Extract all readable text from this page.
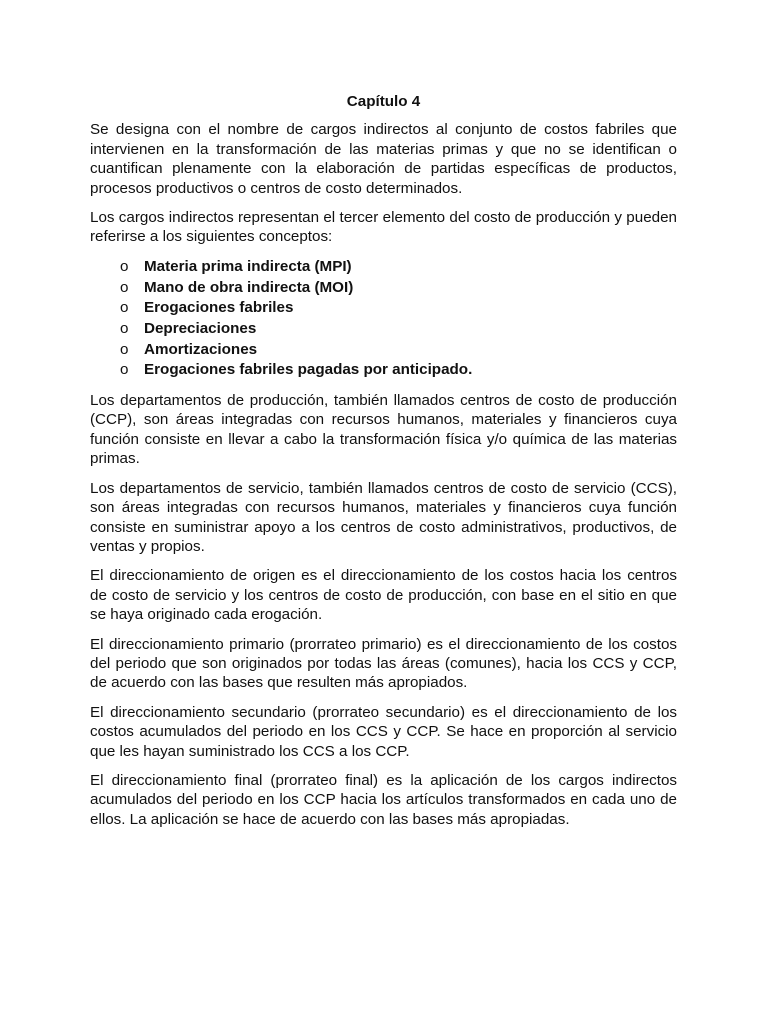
Capítulo 4

Se designa con el nombre de cargos indirectos al conjunto de costos fabriles que intervienen en la transformación de las materias primas y que no se identifican o cuantifican plenamente con la elaboración de partidas específicas de productos, procesos productivos o centros de costo determinados.

Los cargos indirectos representan el tercer elemento del costo de producción y pueden referirse a los siguientes conceptos:

o Materia prima indirecta (MPI)
o Mano de obra indirecta (MOI)
o Erogaciones fabriles
o Depreciaciones
o Amortizaciones
o Erogaciones fabriles pagadas por anticipado.

Los departamentos de producción, también llamados centros de costo de producción (CCP), son áreas integradas con recursos humanos, materiales y financieros cuya función consiste en llevar a cabo la transformación física y/o química de las materias primas.

Los departamentos de servicio, también llamados centros de costo de servicio (CCS), son áreas integradas con recursos humanos, materiales y financieros cuya función consiste en suministrar apoyo a los centros de costo administrativos, productivos, de ventas y propios.

El direccionamiento de origen es el direccionamiento de los costos hacia los centros de costo de servicio y los centros de costo de producción, con base en el sitio en que se haya originado cada erogación.

El direccionamiento primario (prorrateo primario) es el direccionamiento de los costos del periodo que son originados por todas las áreas (comunes), hacia los CCS y CCP, de acuerdo con las bases que resulten más apropiados.

El direccionamiento secundario (prorrateo secundario) es el direccionamiento de los costos acumulados del periodo en los CCS y CCP. Se hace en proporción al servicio que les hayan suministrado los CCS a los CCP.

El direccionamiento final (prorrateo final) es la aplicación de los cargos indirectos acumulados del periodo en los CCP hacia los artículos transformados en cada uno de ellos. La aplicación se hace de acuerdo con las bases más apropiadas.
